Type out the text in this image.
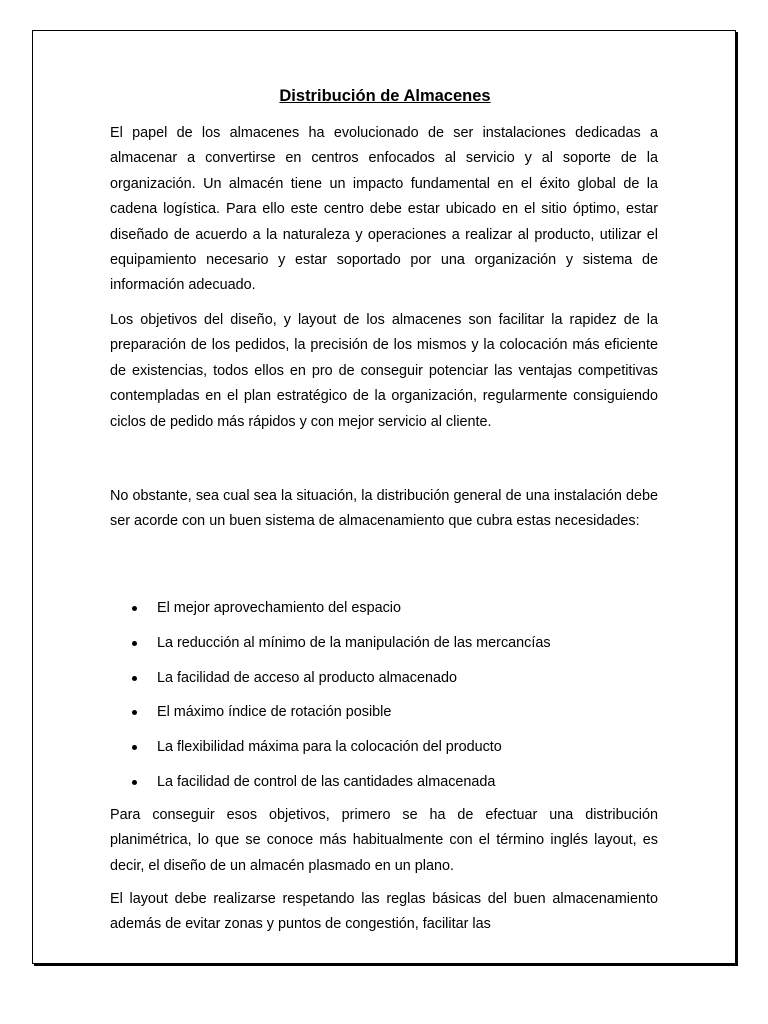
Distribución de Almacenes

El papel de los almacenes ha evolucionado de ser instalaciones dedicadas a almacenar a convertirse en centros enfocados al servicio y al soporte de la organización. Un almacén tiene un impacto fundamental en el éxito global de la cadena logística. Para ello este centro debe estar ubicado en el sitio óptimo, estar diseñado de acuerdo a la naturaleza y operaciones a realizar al producto, utilizar el equipamiento necesario y estar soportado por una organización y sistema de información adecuado.

Los objetivos del diseño, y layout de los almacenes son facilitar la rapidez de la preparación de los pedidos, la precisión de los mismos y la colocación más eficiente de existencias, todos ellos en pro de conseguir potenciar las ventajas competitivas contempladas en el plan estratégico de la organización, regularmente consiguiendo ciclos de pedido más rápidos y con mejor servicio al cliente.

No obstante, sea cual sea la situación, la distribución general de una instalación debe ser acorde con un buen sistema de almacenamiento que cubra estas necesidades:

El mejor aprovechamiento del espacio
La reducción al mínimo de la manipulación de las mercancías
La facilidad de acceso al producto almacenado
El máximo índice de rotación posible
La flexibilidad máxima para la colocación del producto
La facilidad de control de las cantidades almacenada

Para conseguir esos objetivos, primero se ha de efectuar una distribución planimétrica, lo que se conoce más habitualmente con el término inglés layout, es decir, el diseño de un almacén plasmado en un plano.

El layout debe realizarse respetando las reglas básicas del buen almacenamiento además de evitar zonas y puntos de congestión, facilitar las
